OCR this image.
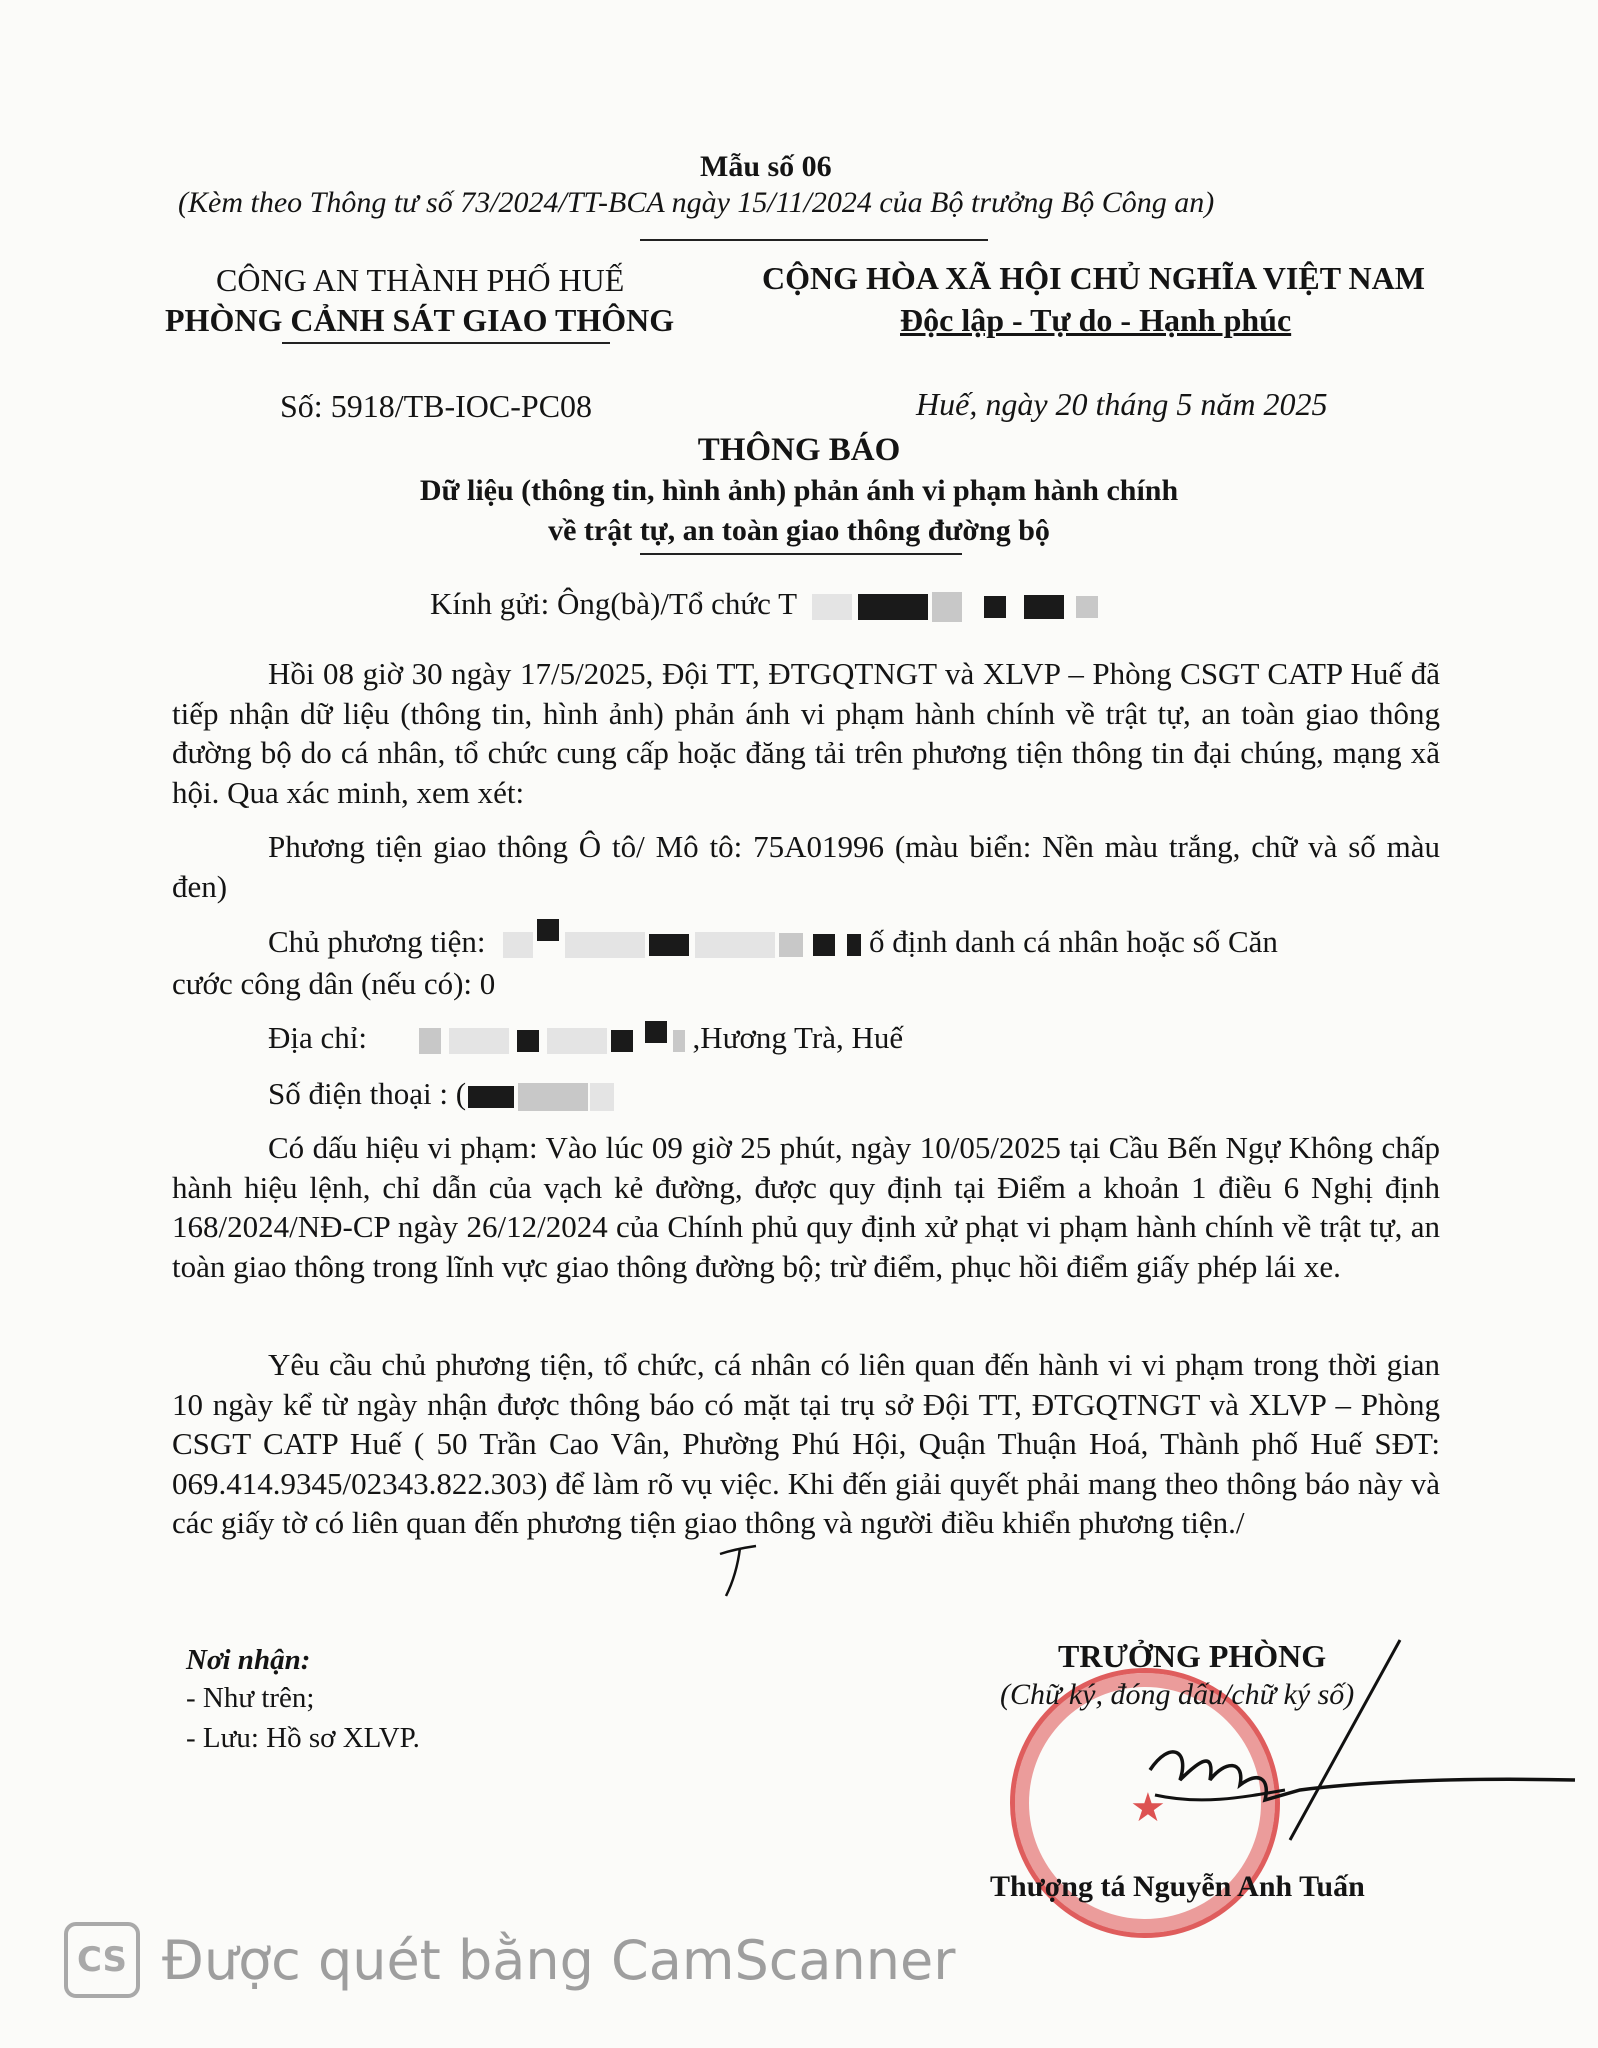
Mẫu số 06
(Kèm theo Thông tư số 73/2024/TT-BCA ngày 15/11/2024 của Bộ trưởng Bộ Công an)
CÔNG AN THÀNH PHỐ HUẾ
PHÒNG CẢNH SÁT GIAO THÔNG
CỘNG HÒA XÃ HỘI CHỦ NGHĨA VIỆT NAM
Độc lập - Tự do - Hạnh phúc
Số: 5918/TB-IOC-PC08	Huế, ngày 20 tháng 5 năm 2025
THÔNG BÁO
Dữ liệu (thông tin, hình ảnh) phản ánh vi phạm hành chính
về trật tự, an toàn giao thông đường bộ
Kính gửi: Ông(bà)/Tổ chức T
Hồi 08 giờ 30 ngày 17/5/2025, Đội TT, ĐTGQTNGT và XLVP – Phòng CSGT CATP Huế đã tiếp nhận dữ liệu (thông tin, hình ảnh) phản ánh vi phạm hành chính về trật tự, an toàn giao thông đường bộ do cá nhân, tổ chức cung cấp hoặc đăng tải trên phương tiện thông tin đại chúng, mạng xã hội. Qua xác minh, xem xét:
Phương tiện giao thông Ô tô/ Mô tô: 75A01996 (màu biển: Nền màu trắng, chữ và số màu đen)
Chủ phương tiện:	ố định danh cá nhân hoặc số Căn
cước công dân (nếu có): 0
Địa chỉ:	,Hương Trà, Huế
Số điện thoại : (
Có dấu hiệu vi phạm: Vào lúc 09 giờ 25 phút, ngày 10/05/2025 tại Cầu Bến Ngự Không chấp hành hiệu lệnh, chỉ dẫn của vạch kẻ đường, được quy định tại Điểm a khoản 1 điều 6 Nghị định 168/2024/NĐ-CP ngày 26/12/2024 của Chính phủ quy định xử phạt vi phạm hành chính về trật tự, an toàn giao thông trong lĩnh vực giao thông đường bộ; trừ điểm, phục hồi điểm giấy phép lái xe.
Yêu cầu chủ phương tiện, tổ chức, cá nhân có liên quan đến hành vi vi phạm trong thời gian 10 ngày kể từ ngày nhận được thông báo có mặt tại trụ sở Đội TT, ĐTGQTNGT và XLVP – Phòng CSGT CATP Huế ( 50 Trần Cao Vân, Phường Phú Hội, Quận Thuận Hoá, Thành phố Huế SĐT: 069.414.9345/02343.822.303) để làm rõ vụ việc. Khi đến giải quyết phải mang theo thông báo này và các giấy tờ có liên quan đến phương tiện giao thông và người điều khiển phương tiện./
Nơi nhận:
- Như trên;
- Lưu: Hồ sơ XLVP.
★
TRƯỞNG PHÒNG
(Chữ ký, đóng dấu/chữ ký số)
Thượng tá Nguyễn Anh Tuấn
CS Được quét bằng CamScanner
